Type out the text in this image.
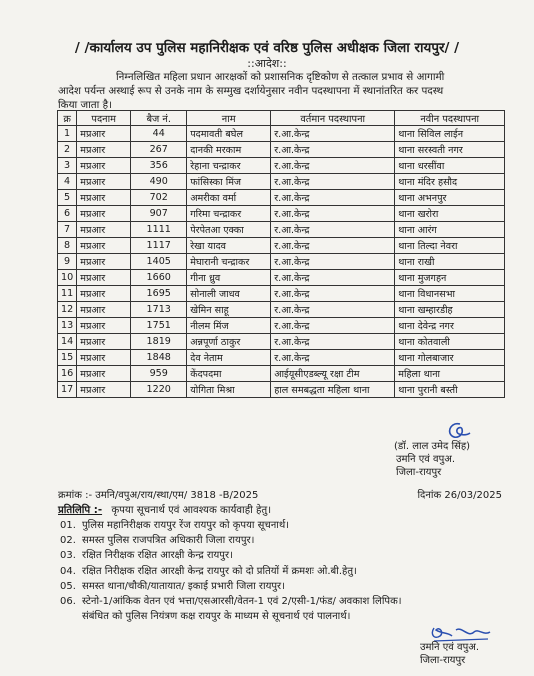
/ /कार्यालय उप पुलिस महानिरीक्षक एवं वरिष्ठ पुलिस अधीक्षक जिला रायपुर/ /
::आदेश::
निम्नलिखित महिला प्रधान आरक्षकों को प्रशासनिक दृष्टिकोण से तत्काल प्रभाव से आगामी
आदेश पर्यन्त अस्थाई रूप से उनके नाम के सम्मुख दर्शायेनुसार नवीन पदस्थापना में स्थानांतरित कर पदस्थ
किया जाता है।
क्र	पदनाम	बैज नं.	नाम	वर्तमान पदस्थापना	नवीन पदस्थापना
1	मप्रआर	44	पदमावती बघेल	र.आ.केन्द्र	थाना सिविल लाईन
2	मप्रआर	267	दानकी मरकाम	र.आ.केन्द्र	थाना सरस्वती नगर
3	मप्रआर	356	रेहाना चन्द्राकर	र.आ.केन्द्र	थाना धरसींवा
4	मप्रआर	490	फांसिस्का मिंज	र.आ.केन्द्र	थाना मंदिर हसौद
5	मप्रआर	702	अमरीका वर्मा	र.आ.केन्द्र	थाना अभनपुर
6	मप्रआर	907	गरिमा चन्द्राकर	र.आ.केन्द्र	थाना खरोरा
7	मप्रआर	1111	पेरपेतआ एक्का	र.आ.केन्द्र	थाना आरंग
8	मप्रआर	1117	रेखा यादव	र.आ.केन्द्र	थाना तिल्दा नेवरा
9	मप्रआर	1405	मेघारानी चन्द्राकर	र.आ.केन्द्र	थाना राखी
10	मप्रआर	1660	गीना ध्रुव	र.आ.केन्द्र	थाना मुजगहन
11	मप्रआर	1695	सोनाली जाधव	र.आ.केन्द्र	थाना विधानसभा
12	मप्रआर	1713	खेमिन साहू	र.आ.केन्द्र	थाना खम्हारडीह
13	मप्रआर	1751	नीलम मिंज	र.आ.केन्द्र	थाना देवेन्द्र नगर
14	मप्रआर	1819	अन्नपूर्णा ठाकुर	र.आ.केन्द्र	थाना कोतवाली
15	मप्रआर	1848	देव नेताम	र.आ.केन्द्र	थाना गोलबाजार
16	मप्रआर	959	केंदपदमा	आईयूसीएडब्ल्यू रक्षा टीम	महिला थाना
17	मप्रआर	1220	योगिता मिश्रा	हाल समबद्धता महिला थाना	थाना पुरानी बस्ती
(डॉ. लाल उमेद सिंह)
उमनि एवं वपुअ.
जिला-रायपुर
क्रमांक :- उमनि/वपुअ/राय/स्था/एम/ 3818 -B/2025	दिनांक 26/03/2025
प्रतिलिपि :- कृपया सूचनार्थ एवं आवश्यक कार्यवाही हेतु।
01. पुलिस महानिरीक्षक रायपुर रेंज रायपुर को कृपया सूचनार्थ।
02. समस्त पुलिस राजपत्रित अधिकारी जिला रायपुर।
03. रक्षित निरीक्षक रक्षित आरक्षी केन्द्र रायपुर।
04. रक्षित निरीक्षक रक्षित आरक्षी केन्द्र रायपुर को दो प्रतियों में क्रमशः ओ.बी.हेतु।
05. समस्त थाना/चौकी/यातायात/ इकाई प्रभारी जिला रायपुर।
06. स्टेनो-1/आंकिक वेतन एवं भत्ता/एसआरसी/वेतन-1 एवं 2/एसी-1/फंड/ अवकाश लिपिक।
संबंधित को पुलिस नियंत्रण कक्ष रायपुर के माध्यम से सूचनार्थ एवं पालनार्थ।
उमनि एवं वपुअ.
जिला-रायपुर
